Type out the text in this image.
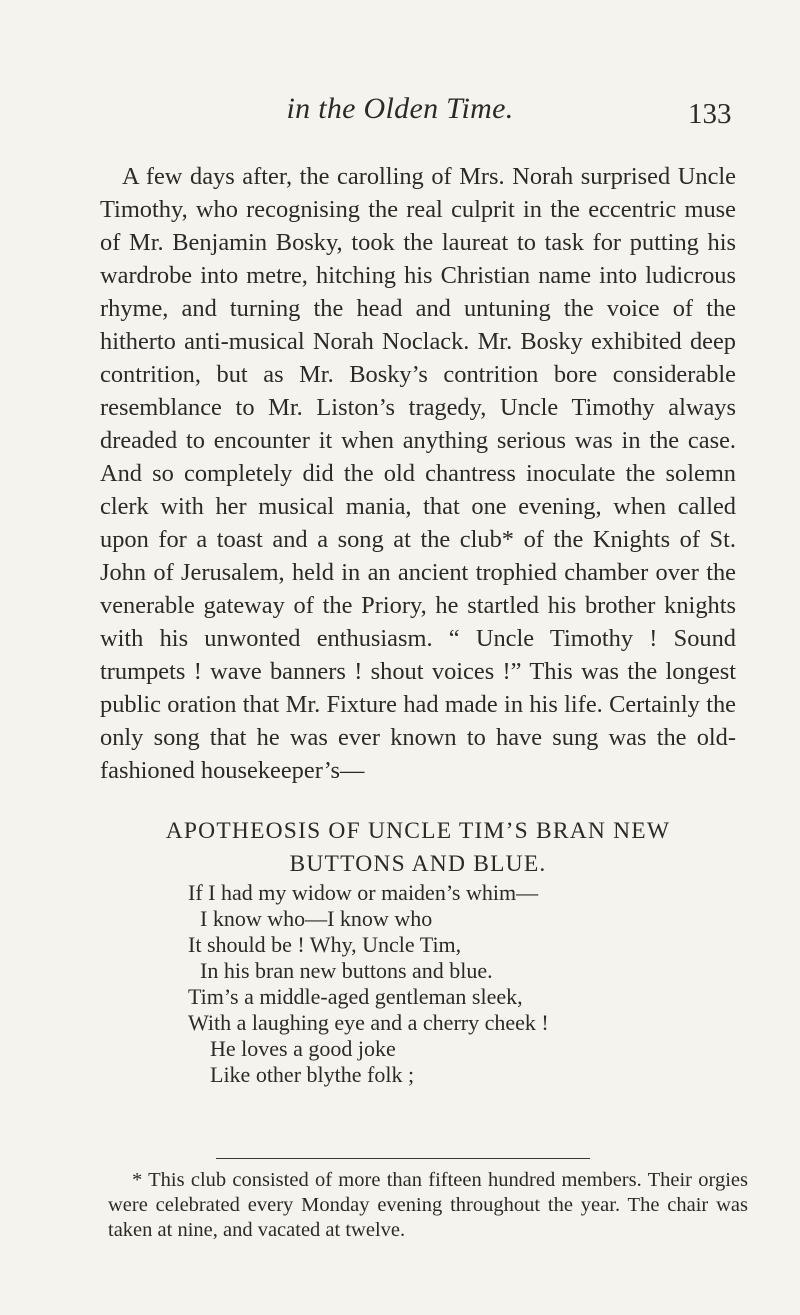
in the Olden Time.	133

A few days after, the carolling of Mrs. Norah surprised Uncle Timothy, who recognising the real culprit in the eccentric muse of Mr. Benjamin Bosky, took the laureat to task for putting his wardrobe into metre, hitching his Christian name into ludicrous rhyme, and turning the head and untuning the voice of the hitherto anti-musical Norah Noclack. Mr. Bosky exhibited deep contrition, but as Mr. Bosky’s contrition bore considerable resemblance to Mr. Liston’s tragedy, Uncle Timothy always dreaded to encounter it when anything serious was in the case. And so completely did the old chantress inoculate the solemn clerk with her musical mania, that one evening, when called upon for a toast and a song at the club* of the Knights of St. John of Jerusalem, held in an ancient trophied chamber over the venerable gateway of the Priory, he startled his brother knights with his unwonted enthusiasm. “ Uncle Timothy ! Sound trumpets ! wave banners ! shout voices !” This was the longest public oration that Mr. Fixture had made in his life. Certainly the only song that he was ever known to have sung was the old-fashioned housekeeper’s—

APOTHEOSIS OF UNCLE TIM’S BRAN NEW
BUTTONS AND BLUE.
If I had my widow or maiden’s whim—
I know who—I know who
It should be ! Why, Uncle Tim,
In his bran new buttons and blue.
Tim’s a middle-aged gentleman sleek,
With a laughing eye and a cherry cheek !
He loves a good joke
Like other blythe folk ;

* This club consisted of more than fifteen hundred members. Their orgies were celebrated every Monday evening throughout the year. The chair was taken at nine, and vacated at twelve.
